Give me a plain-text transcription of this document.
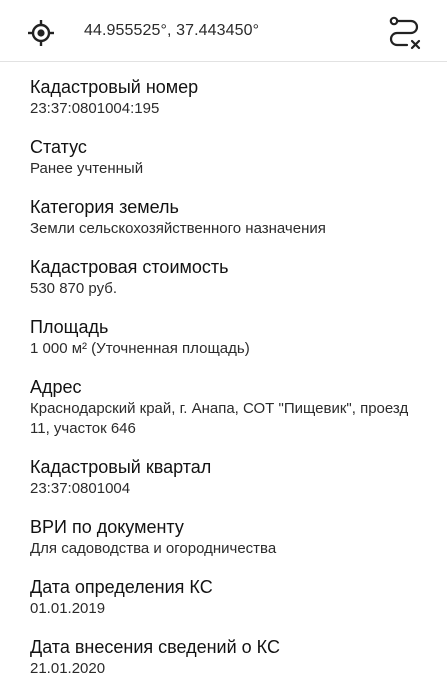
44.955525°, 37.443450°
Кадастровый номер
23:37:0801004:195
Статус
Ранее учтенный
Категория земель
Земли сельскохозяйственного назначения
Кадастровая стоимость
530 870 руб.
Площадь
1 000 м² (Уточненная площадь)
Адрес
Краснодарский край, г. Анапа, СОТ "Пищевик", проезд 11, участок 646
Кадастровый квартал
23:37:0801004
ВРИ по документу
Для садоводства и огородничества
Дата определения КС
01.01.2019
Дата внесения сведений о КС
21.01.2020
